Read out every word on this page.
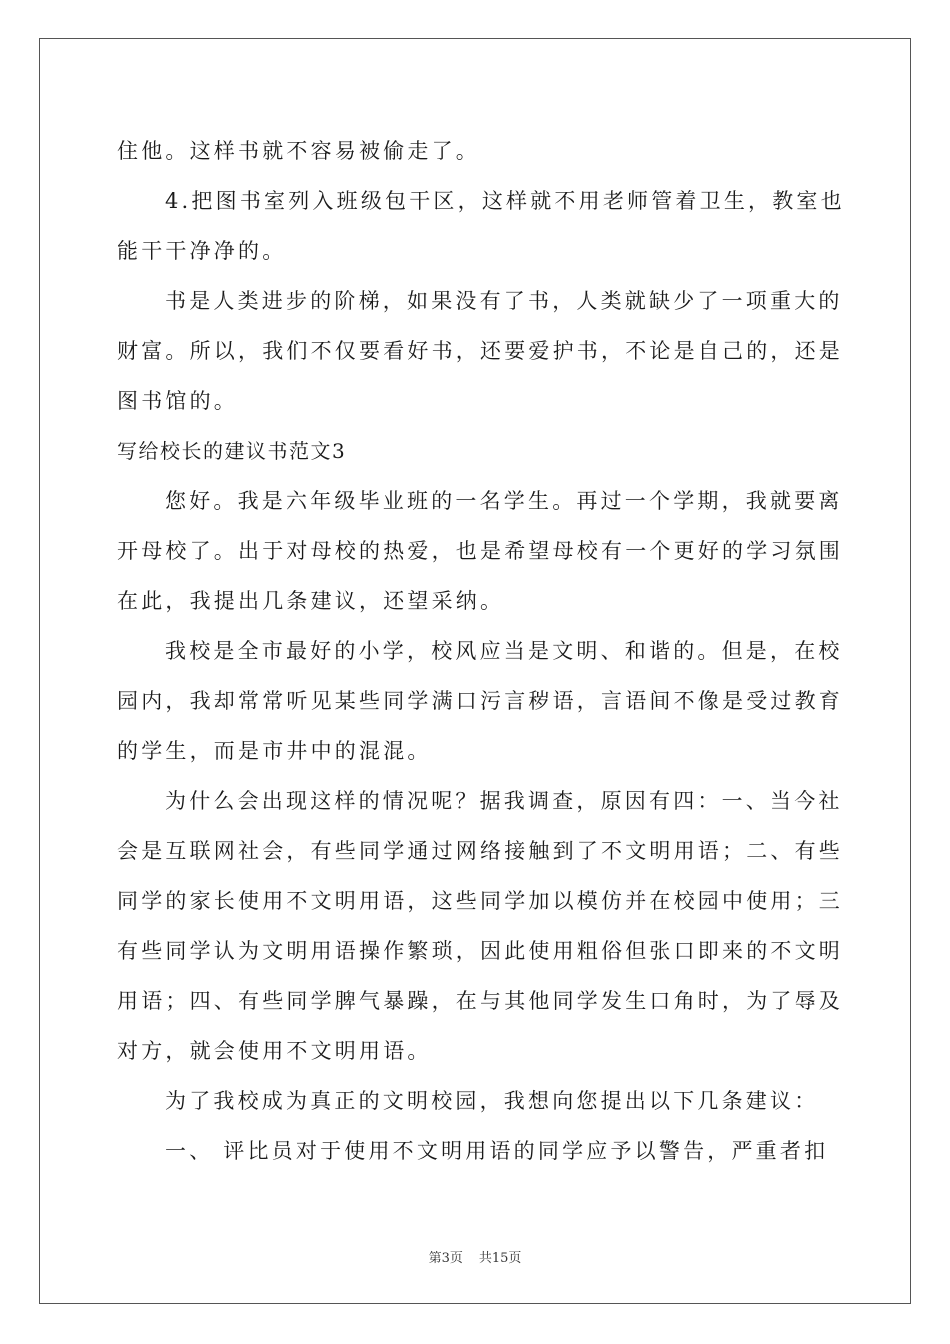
住他。这样书就不容易被偷走了。
4.把图书室列入班级包干区，这样就不用老师管着卫生，教室也
能干干净净的。
书是人类进步的阶梯，如果没有了书，人类就缺少了一项重大的
财富。所以，我们不仅要看好书，还要爱护书，不论是自己的，还是
图书馆的。
写给校长的建议书范文3
您好。我是六年级毕业班的一名学生。再过一个学期，我就要离
开母校了。出于对母校的热爱，也是希望母校有一个更好的学习氛围
在此，我提出几条建议，还望采纳。
我校是全市最好的小学，校风应当是文明、和谐的。但是，在校
园内，我却常常听见某些同学满口污言秽语，言语间不像是受过教育
的学生，而是市井中的混混。
为什么会出现这样的情况呢？据我调查，原因有四：一、当今社
会是互联网社会，有些同学通过网络接触到了不文明用语；二、有些
同学的家长使用不文明用语，这些同学加以模仿并在校园中使用；三
有些同学认为文明用语操作繁琐，因此使用粗俗但张口即来的不文明
用语；四、有些同学脾气暴躁，在与其他同学发生口角时，为了辱及
对方，就会使用不文明用语。
为了我校成为真正的文明校园，我想向您提出以下几条建议：
一、 评比员对于使用不文明用语的同学应予以警告，严重者扣
第3页 共15页
